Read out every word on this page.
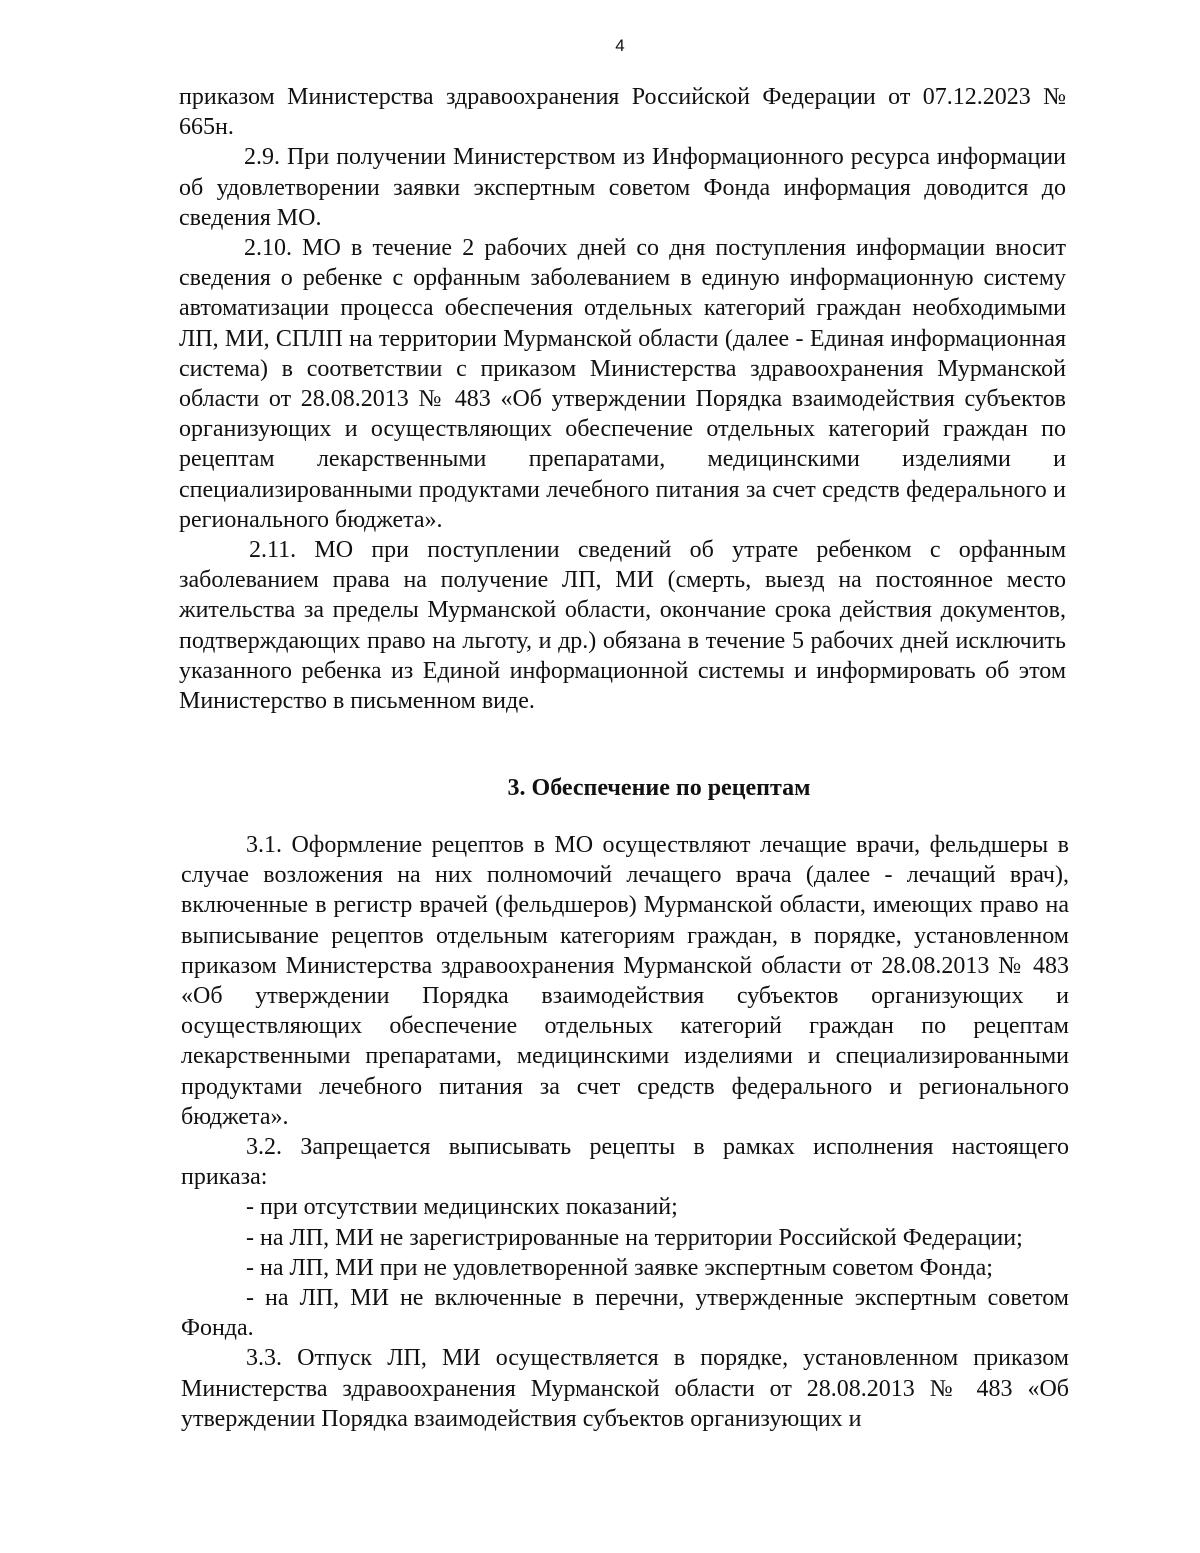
4

приказом Министерства здравоохранения Российской Федерации от 07.12.2023 № 665н.

2.9. При получении Министерством из Информационного ресурса информации об удовлетворении заявки экспертным советом Фонда информация доводится до сведения МО.

2.10. МО в течение 2 рабочих дней со дня поступления информации вносит сведения о ребенке с орфанным заболеванием в единую информационную систему автоматизации процесса обеспечения отдельных категорий граждан необходимыми ЛП, МИ, СПЛП на территории Мурманской области (далее - Единая информационная система) в соответствии с приказом Министерства здравоохранения Мурманской области от 28.08.2013 № 483 «Об утверждении Порядка взаимодействия субъектов организующих и осуществляющих обеспечение отдельных категорий граждан по рецептам лекарственными препаратами, медицинскими изделиями и специализированными продуктами лечебного питания за счет средств федерального и регионального бюджета».

2.11. МО при поступлении сведений об утрате ребенком с орфанным заболеванием права на получение ЛП, МИ (смерть, выезд на постоянное место жительства за пределы Мурманской области, окончание срока действия документов, подтверждающих право на льготу, и др.) обязана в течение 5 рабочих дней исключить указанного ребенка из Единой информационной системы и информировать об этом Министерство в письменном виде.

3. Обеспечение по рецептам

3.1. Оформление рецептов в МО осуществляют лечащие врачи, фельдшеры в случае возложения на них полномочий лечащего врача (далее - лечащий врач), включенные в регистр врачей (фельдшеров) Мурманской области, имеющих право на выписывание рецептов отдельным категориям граждан, в порядке, установленном приказом Министерства здравоохранения Мурманской области от 28.08.2013 № 483 «Об утверждении Порядка взаимодействия субъектов организующих и осуществляющих обеспечение отдельных категорий граждан по рецептам лекарственными препаратами, медицинскими изделиями и специализированными продуктами лечебного питания за счет средств федерального и регионального бюджета».

3.2. Запрещается выписывать рецепты в рамках исполнения настоящего приказа:

- при отсутствии медицинских показаний;

- на ЛП, МИ не зарегистрированные на территории Российской Федерации;

- на ЛП, МИ при не удовлетворенной заявке экспертным советом Фонда;

- на ЛП, МИ не включенные в перечни, утвержденные экспертным советом Фонда.

3.3. Отпуск ЛП, МИ осуществляется в порядке, установленном приказом Министерства здравоохранения Мурманской области от 28.08.2013 № 483 «Об утверждении Порядка взаимодействия субъектов организующих и
